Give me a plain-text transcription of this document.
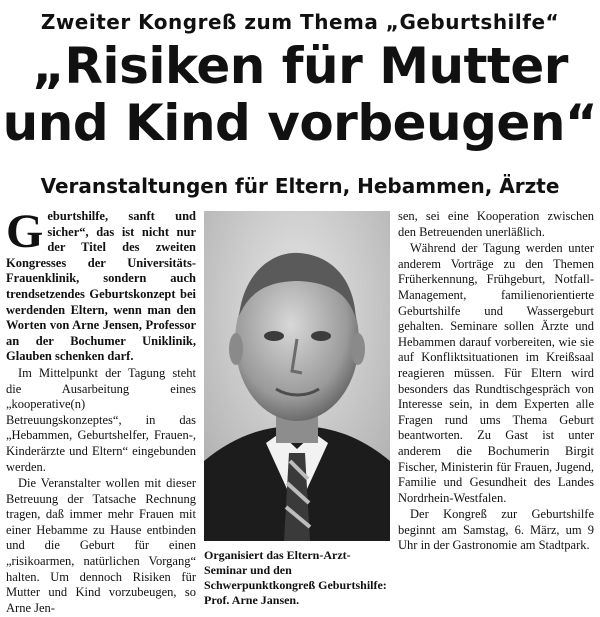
Zweiter Kongreß zum Thema „Geburtshilfe“
„Risiken für Mutter
und Kind vorbeugen“
Veranstaltungen für Eltern, Hebammen, Ärzte

Geburtshilfe, sanft und sicher“, das ist nicht nur der Titel des zweiten Kongresses der Universitäts-Frauenklinik, sondern auch trendsetzendes Geburtskonzept bei werdenden Eltern, wenn man den Worten von Arne Jensen, Professor an der Bochumer Uniklinik, Glauben schenken darf.

Im Mittelpunkt der Tagung steht die Ausarbeitung eines „kooperative(n) Betreuungskonzeptes“, in das „Hebammen, Geburtshelfer, Frauen-, Kinderärzte und Eltern“ eingebunden werden.

Die Veranstalter wollen mit dieser Betreuung der Tatsache Rechnung tragen, daß immer mehr Frauen mit einer Hebamme zu Hause entbinden und die Geburt für einen „risikoarmen, natürlichen Vorgang“ halten. Um dennoch Risiken für Mutter und Kind vorzubeugen, so Arne Jen-

Organisiert das Eltern-Arzt-Seminar und den Schwerpunktkongreß Geburtshilfe: Prof. Arne Jansen.

sen, sei eine Kooperation zwischen den Betreuenden unerläßlich.

Während der Tagung werden unter anderem Vorträge zu den Themen Früherkennung, Frühgeburt, Notfall-Management, familienorientierte Geburtshilfe und Wassergeburt gehalten. Seminare sollen Ärzte und Hebammen darauf vorbereiten, wie sie auf Konfliktsituationen im Kreißsaal reagieren müssen. Für Eltern wird besonders das Rundtischgespräch von Interesse sein, in dem Experten alle Fragen rund ums Thema Geburt beantworten. Zu Gast ist unter anderem die Bochumerin Birgit Fischer, Ministerin für Frauen, Jugend, Familie und Gesundheit des Landes Nordrhein-Westfalen.

Der Kongreß zur Geburtshilfe beginnt am Samstag, 6. März, um 9 Uhr in der Gastronomie am Stadtpark.
